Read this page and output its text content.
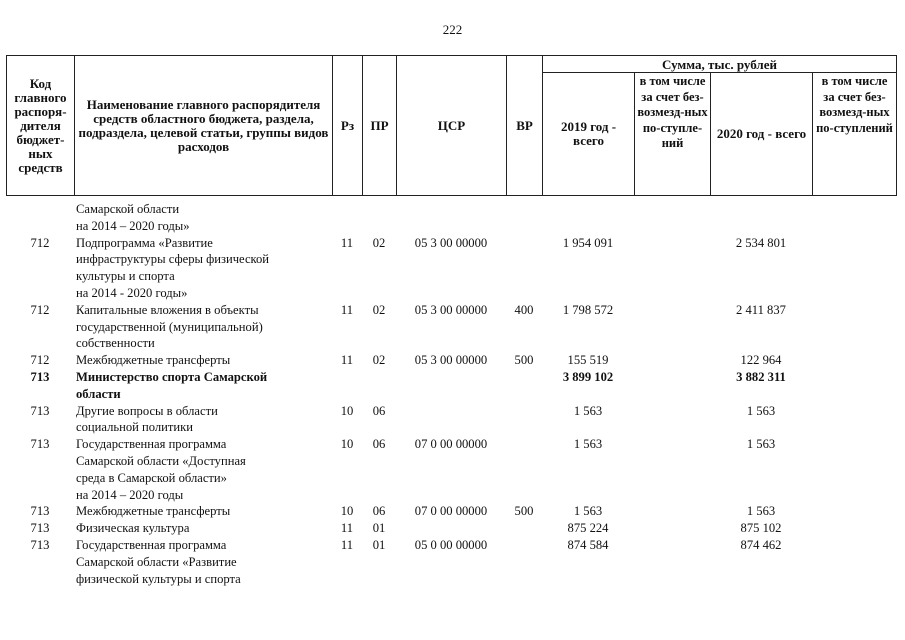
222
Код главного распоря-дителя бюджет-ных средств	Наименование главного распорядителя средств областного бюджета, раздела, подраздела, целевой статьи, группы видов расходов	Рз	ПР	ЦСР	ВР	Сумма, тыс. рублей			
						2019 год - всего	в том числе за счет без-возмезд-ных по-ступле-ний	2020 год - всего	в том числе за счет без-возмезд-ных по-ступлений
	Самарской области
на 2014 – 2020 годы»								
712	Подпрограмма «Развитие
инфраструктуры сферы физической
культуры и спорта
на 2014 - 2020 годы»	11	02	05 3 00 00000		1 954 091		2 534 801	
712	Капитальные вложения в объекты
государственной (муниципальной)
собственности	11	02	05 3 00 00000	400	1 798 572		2 411 837	
712	Межбюджетные трансферты	11	02	05 3 00 00000	500	155 519		122 964	
713	Министерство спорта Самарской
области					3 899 102		3 882 311	
713	Другие вопросы в области
социальной политики	10	06			1 563		1 563	
713	Государственная программа
Самарской области «Доступная
среда в Самарской области»
на 2014 – 2020 годы	10	06	07 0 00 00000		1 563		1 563	
713	Межбюджетные трансферты	10	06	07 0 00 00000	500	1 563		1 563	
713	Физическая культура	11	01			875 224		875 102	
713	Государственная программа
Самарской области «Развитие
физической культуры и спорта	11	01	05 0 00 00000		874 584		874 462	
